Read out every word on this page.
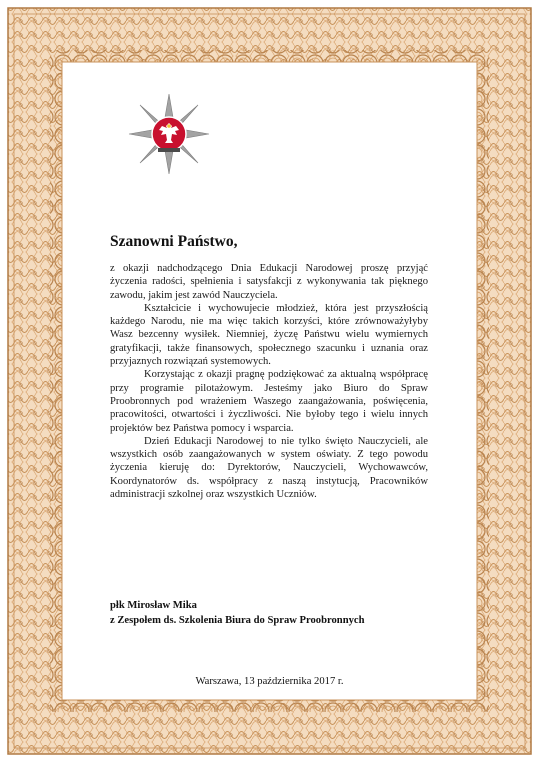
Szanowni Państwo,

z okazji nadchodzącego Dnia Edukacji Narodowej proszę przyjąć życzenia radości, spełnienia i satysfakcji z wykonywania tak pięknego zawodu, jakim jest zawód Nauczyciela.

Kształcicie i wychowujecie młodzież, która jest przyszłością każdego Narodu, nie ma więc takich korzyści, które zrównoważyłyby Wasz bezcenny wysiłek. Niemniej, życzę Państwu wielu wymiernych gratyfikacji, także finansowych, społecznego szacunku i uznania oraz przyjaznych rozwiązań systemowych.

Korzystając z okazji pragnę podziękować za aktualną współpracę przy programie pilotażowym. Jesteśmy jako Biuro do Spraw Proobronnych pod wrażeniem Waszego zaangażowania, poświęcenia, pracowitości, otwartości i życzliwości. Nie byłoby tego i wielu innych projektów bez Państwa pomocy i wsparcia.

Dzień Edukacji Narodowej to nie tylko święto Nauczycieli, ale wszystkich osób zaangażowanych w system oświaty. Z tego powodu życzenia kieruję do: Dyrektorów, Nauczycieli, Wychowawców, Koordynatorów ds. współpracy z naszą instytucją, Pracowników administracji szkolnej oraz wszystkich Uczniów.

płk Mirosław Mika
z Zespołem ds. Szkolenia Biura do Spraw Proobronnych
Warszawa, 13 października 2017 r.
